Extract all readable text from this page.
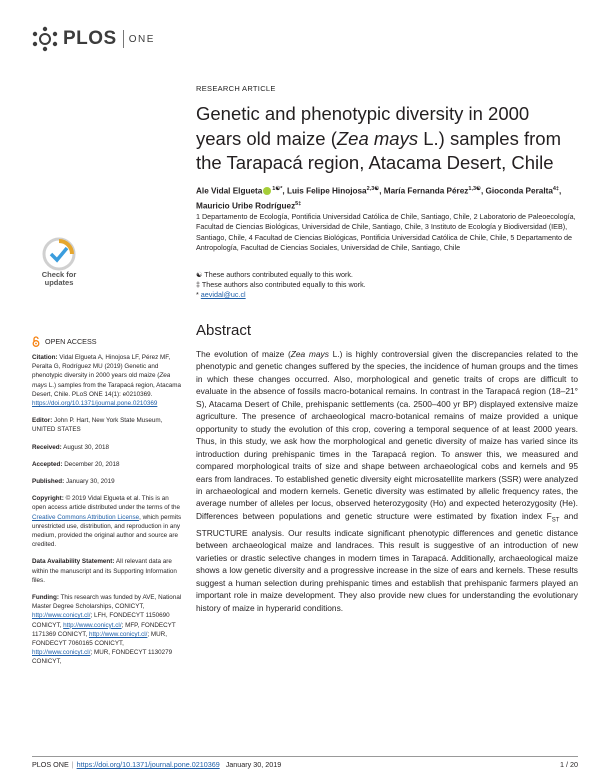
PLOS ONE
RESEARCH ARTICLE
Genetic and phenotypic diversity in 2000 years old maize (Zea mays L.) samples from the Tarapacá region, Atacama Desert, Chile
Ale Vidal Elgueta $^{1☯*}$, Luis Felipe Hinojosa$^{2,3☯}$, María Fernanda Pérez$^{1,3☯}$, Gioconda Peralta$^{4\ddagger}$, Mauricio Uribe Rodríguez$^{5\ddagger}$
1 Departamento de Ecología, Pontificia Universidad Católica de Chile, Santiago, Chile, 2 Laboratorio de Paleoecología, Facultad de Ciencias Biológicas, Universidad de Chile, Santiago, Chile, 3 Instituto de Ecología y Biodiversidad (IEB), Santiago, Chile, 4 Facultad de Ciencias Biológicas, Pontificia Universidad Católica de Chile, Chile, 5 Departamento de Antropología, Facultad de Ciencias Sociales, Universidad de Chile, Santiago, Chile
☯ These authors contributed equally to this work.
‡ These authors also contributed equally to this work.
* aevidal@uc.cl
Check for
updates
OPEN ACCESS
Citation: Vidal Elgueta A, Hinojosa LF, Pérez MF, Peralta G, Rodríguez MU (2019) Genetic and phenotypic diversity in 2000 years old maize (Zea mays L.) samples from the Tarapacá region, Atacama Desert, Chile. PLoS ONE 14(1): e0210369. https://doi.org/10.1371/journal.pone.0210369
Editor: John P. Hart, New York State Museum, UNITED STATES
Received: August 30, 2018
Accepted: December 20, 2018
Published: January 30, 2019
Copyright: © 2019 Vidal Elgueta et al. This is an open access article distributed under the terms of the Creative Commons Attribution License, which permits unrestricted use, distribution, and reproduction in any medium, provided the original author and source are credited.
Data Availability Statement: All relevant data are within the manuscript and its Supporting Information files.
Funding: This research was funded by AVE, National Master Degree Scholarships, CONICYT, http://www.conicyt.cl/; LFH, FONDECYT 1150690 CONICYT, http://www.conicyt.cl/; MFP, FONDECYT 1171369 CONICYT, http://www.conicyt.cl/; MUR, FONDECYT 7060165 CONICYT, http://www.conicyt.cl/; MUR, FONDECYT 1130279 CONICYT,
Abstract

The evolution of maize (Zea mays L.) is highly controversial given the discrepancies related to the phenotypic and genetic changes suffered by the species, the incidence of human groups and the times in which these changes occurred. Also, morphological and genetic traits of crops are difficult to evaluate in the absence of fossils macro-botanical remains. In contrast in the Tarapacá region (18–21° S), Atacama Desert of Chile, prehispanic settlements (ca. 2500–400 yr BP) displayed extensive maize agriculture. The presence of archaeological macro-botanical remains of maize provided a unique opportunity to study the evolution of this crop, covering a temporal sequence of at least 2000 years. Thus, in this study, we ask how the morphological and genetic diversity of maize has varied since its introduction during prehispanic times in the Tarapacá region. To answer this, we measured and compared morphological traits of size and shape between archaeological cobs and kernels and 95 ears from landraces. To established genetic diversity eight microsatellite markers (SSR) were analyzed in archaeological and modern kernels. Genetic diversity was estimated by allelic frequency rates, the average number of alleles per locus, observed heterozygosity (Ho) and expected heterozygosity (He). Differences between populations and genetic structure were estimated by fixation index $F_{ST}$ and STRUCTURE analysis. Our results indicate significant phenotypic differences and genetic distance between archaeological maize and landraces. This result is suggestive of an introduction of new varieties or drastic selective changes in modern times in Tarapacá. Additionally, archaeological maize shows a low genetic diversity and a progressive increase in the size of ears and kernels. These results suggest a human selection during prehispanic times and establish that prehispanic farmers played an important role in maize development. They also provide new clues for understanding the evolutionary history of maize in hyperarid conditions.

PLOS ONE | https://doi.org/10.1371/journal.pone.0210369 January 30, 2019	1 / 20
